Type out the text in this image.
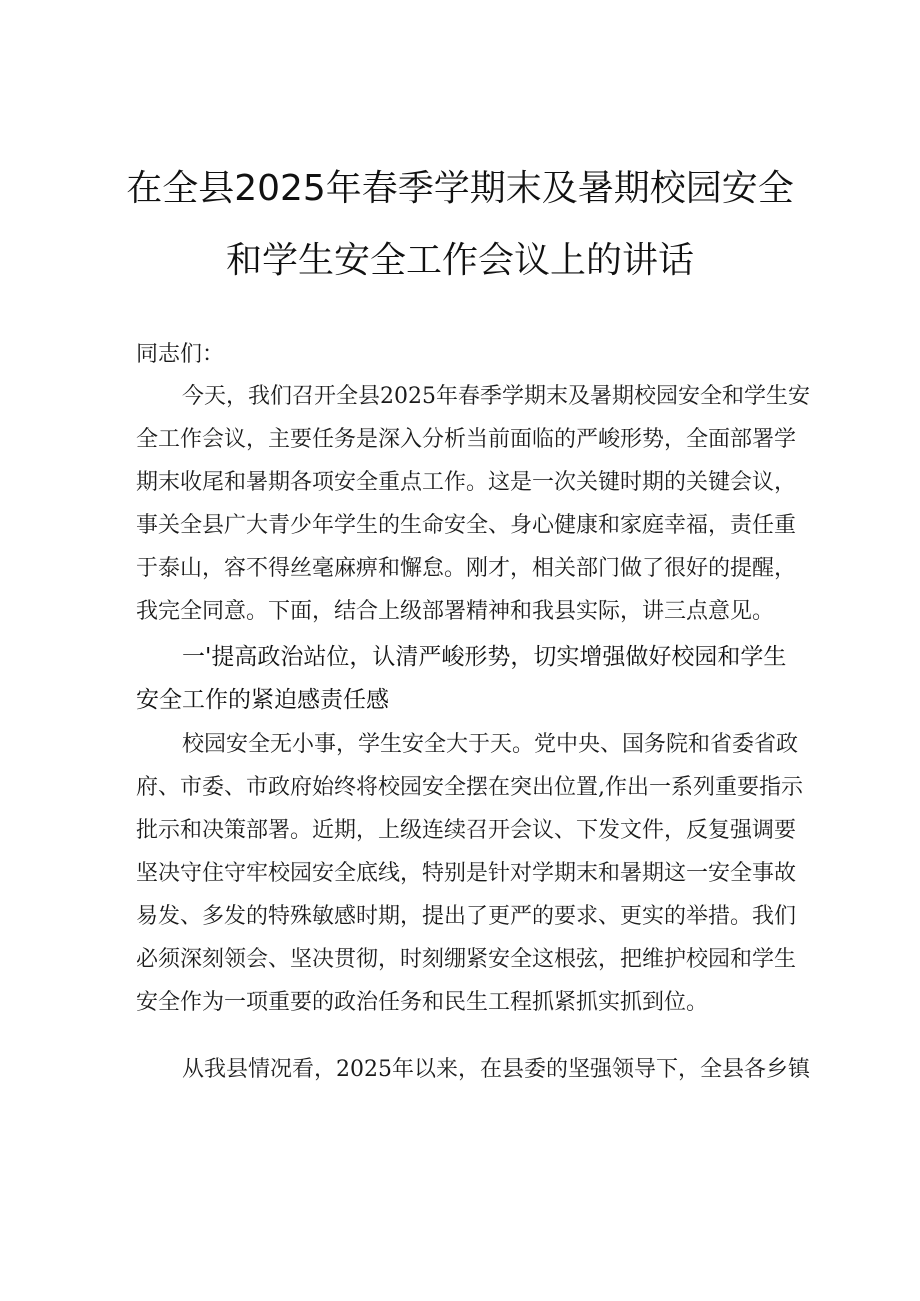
在全县2025年春季学期末及暑期校园安全
和学生安全工作会议上的讲话
同志们：
今天，我们召开全县2025年春季学期末及暑期校园安全和学生安
全工作会议，主要任务是深入分析当前面临的严峻形势，全面部署学
期末收尾和暑期各项安全重点工作。这是一次关键时期的关键会议，
事关全县广大青少年学生的生命安全、身心健康和家庭幸福，责任重
于泰山，容不得丝毫麻痹和懈怠。刚才，相关部门做了很好的提醒，
我完全同意。下面，结合上级部署精神和我县实际，讲三点意见。
一'提高政治站位，认清严峻形势，切实增强做好校园和学生
安全工作的紧迫感责任感
校园安全无小事，学生安全大于天。党中央、国务院和省委省政
府、市委、市政府始终将校园安全摆在突出位置,作出一系列重要指示
批示和决策部署。近期，上级连续召开会议、下发文件，反复强调要
坚决守住守牢校园安全底线，特别是针对学期末和暑期这一安全事故
易发、多发的特殊敏感时期，提出了更严的要求、更实的举措。我们
必须深刻领会、坚决贯彻，时刻绷紧安全这根弦，把维护校园和学生
安全作为一项重要的政治任务和民生工程抓紧抓实抓到位。
从我县情况看，2025年以来，在县委的坚强领导下，全县各乡镇
